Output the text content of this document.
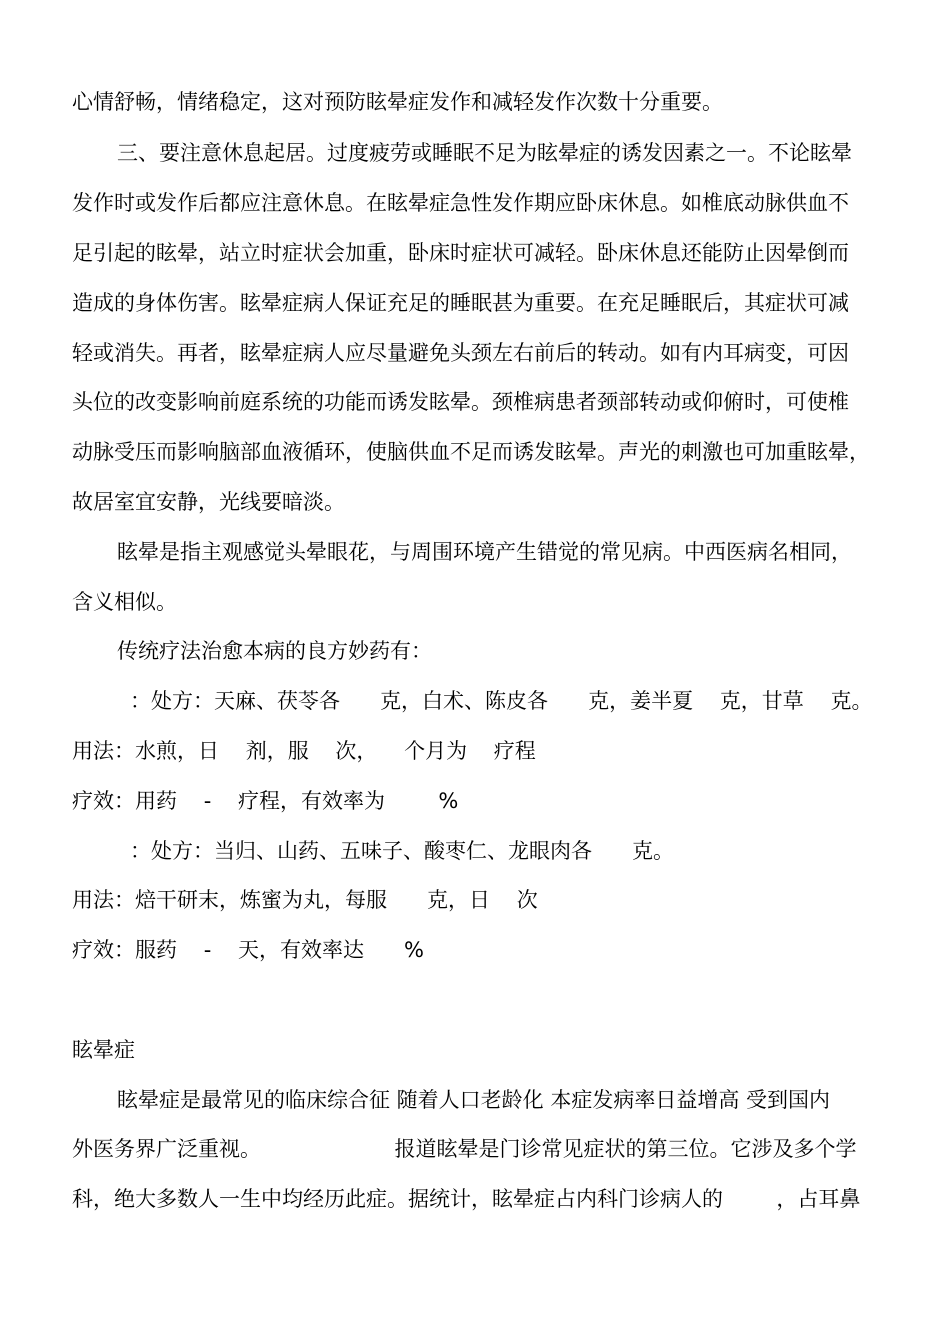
心情舒畅，情绪稳定，这对预防眩晕症发作和减轻发作次数十分重要。
三、要注意休息起居。过度疲劳或睡眠不足为眩晕症的诱发因素之一。不论眩晕
发作时或发作后都应注意休息。在眩晕症急性发作期应卧床休息。如椎底动脉供血不
足引起的眩晕，站立时症状会加重，卧床时症状可减轻。卧床休息还能防止因晕倒而
造成的身体伤害。眩晕症病人保证充足的睡眠甚为重要。在充足睡眠后，其症状可减
轻或消失。再者，眩晕症病人应尽量避免头颈左右前后的转动。如有内耳病变，可因
头位的改变影响前庭系统的功能而诱发眩晕。颈椎病患者颈部转动或仰俯时，可使椎
动脉受压而影响脑部血液循环，使脑供血不足而诱发眩晕。声光的刺激也可加重眩晕，
故居室宜安静，光线要暗淡。
眩晕是指主观感觉头晕眼花，与周围环境产生错觉的常见病。中西医病名相同，
含义相似。
传统疗法治愈本病的良方妙药有：
：处方：天麻、茯苓各      克，白术、陈皮各      克，姜半夏    克，甘草    克。
用法：水煎，日    剂，服    次，    个月为    疗程
疗效：用药    -    疗程，有效率为        %
：处方：当归、山药、五味子、酸枣仁、龙眼肉各      克。
用法：焙干研末，炼蜜为丸，每服      克，日    次
疗效：服药    -    天，有效率达      %
眩晕症
眩晕症是最常见的临床综合征 随着人口老龄化 本症发病率日益增高 受到国内
外医务界广泛重视。                    报道眩晕是门诊常见症状的第三位。它涉及多个学
科，绝大多数人一生中均经历此症。据统计，眩晕症占内科门诊病人的        ，占耳鼻
